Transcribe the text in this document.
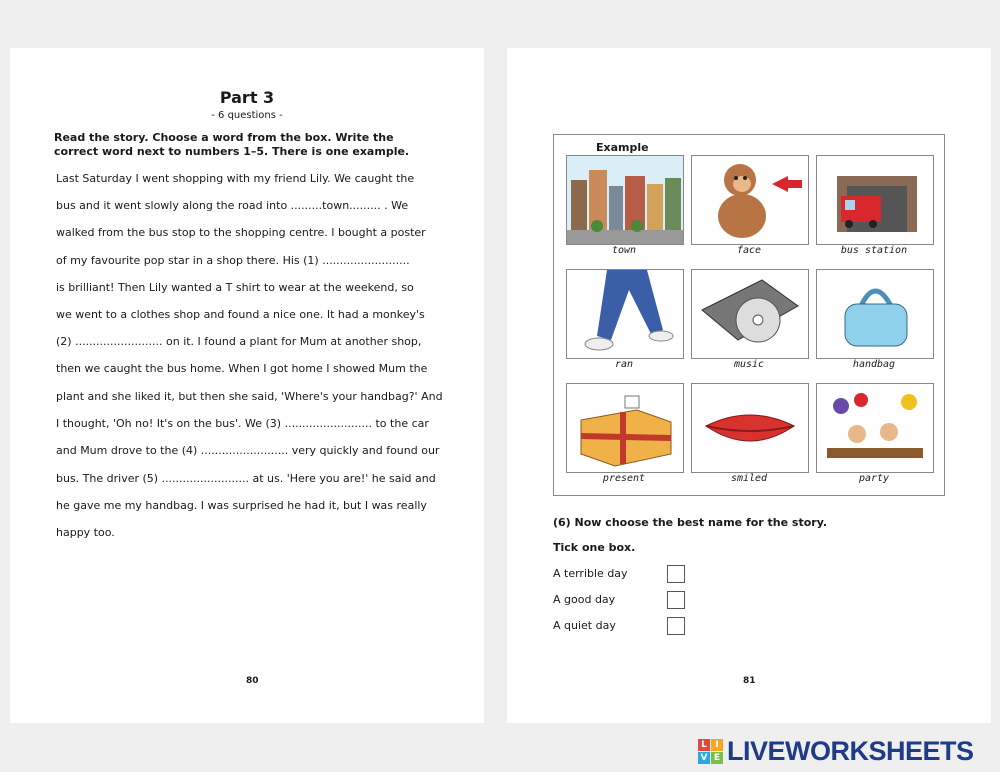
Part 3
- 6 questions -
Read the story. Choose a word from the box. Write the correct word next to numbers 1–5. There is one example.
Last Saturday I went shopping with my friend Lily. We caught the
bus and it went slowly along the road into .........town......... . We
walked from the bus stop to the shopping centre. I bought a poster
of my favourite pop star in a shop there. His (1) .........................
is brilliant! Then Lily wanted a T shirt to wear at the weekend, so
we went to a clothes shop and found a nice one. It had a monkey's
(2) ......................... on it. I found a plant for Mum at another shop,
then we caught the bus home. When I got home I showed Mum the
plant and she liked it, but then she said, 'Where's your handbag?' And
I thought, 'Oh no! It's on the bus'. We (3) ......................... to the car
and Mum drove to the (4) ......................... very quickly and found our
bus. The driver (5) ......................... at us. 'Here you are!' he said and
he gave me my handbag. I was surprised he had it, but I was really
happy too.
80
Example
town	face	bus station
ran	music	handbag
present	smiled	party
(6) Now choose the best name for the story.
Tick one box.
A terrible day
A good day
A quiet day
81
L I
V E LIVEWORKSHEETS
